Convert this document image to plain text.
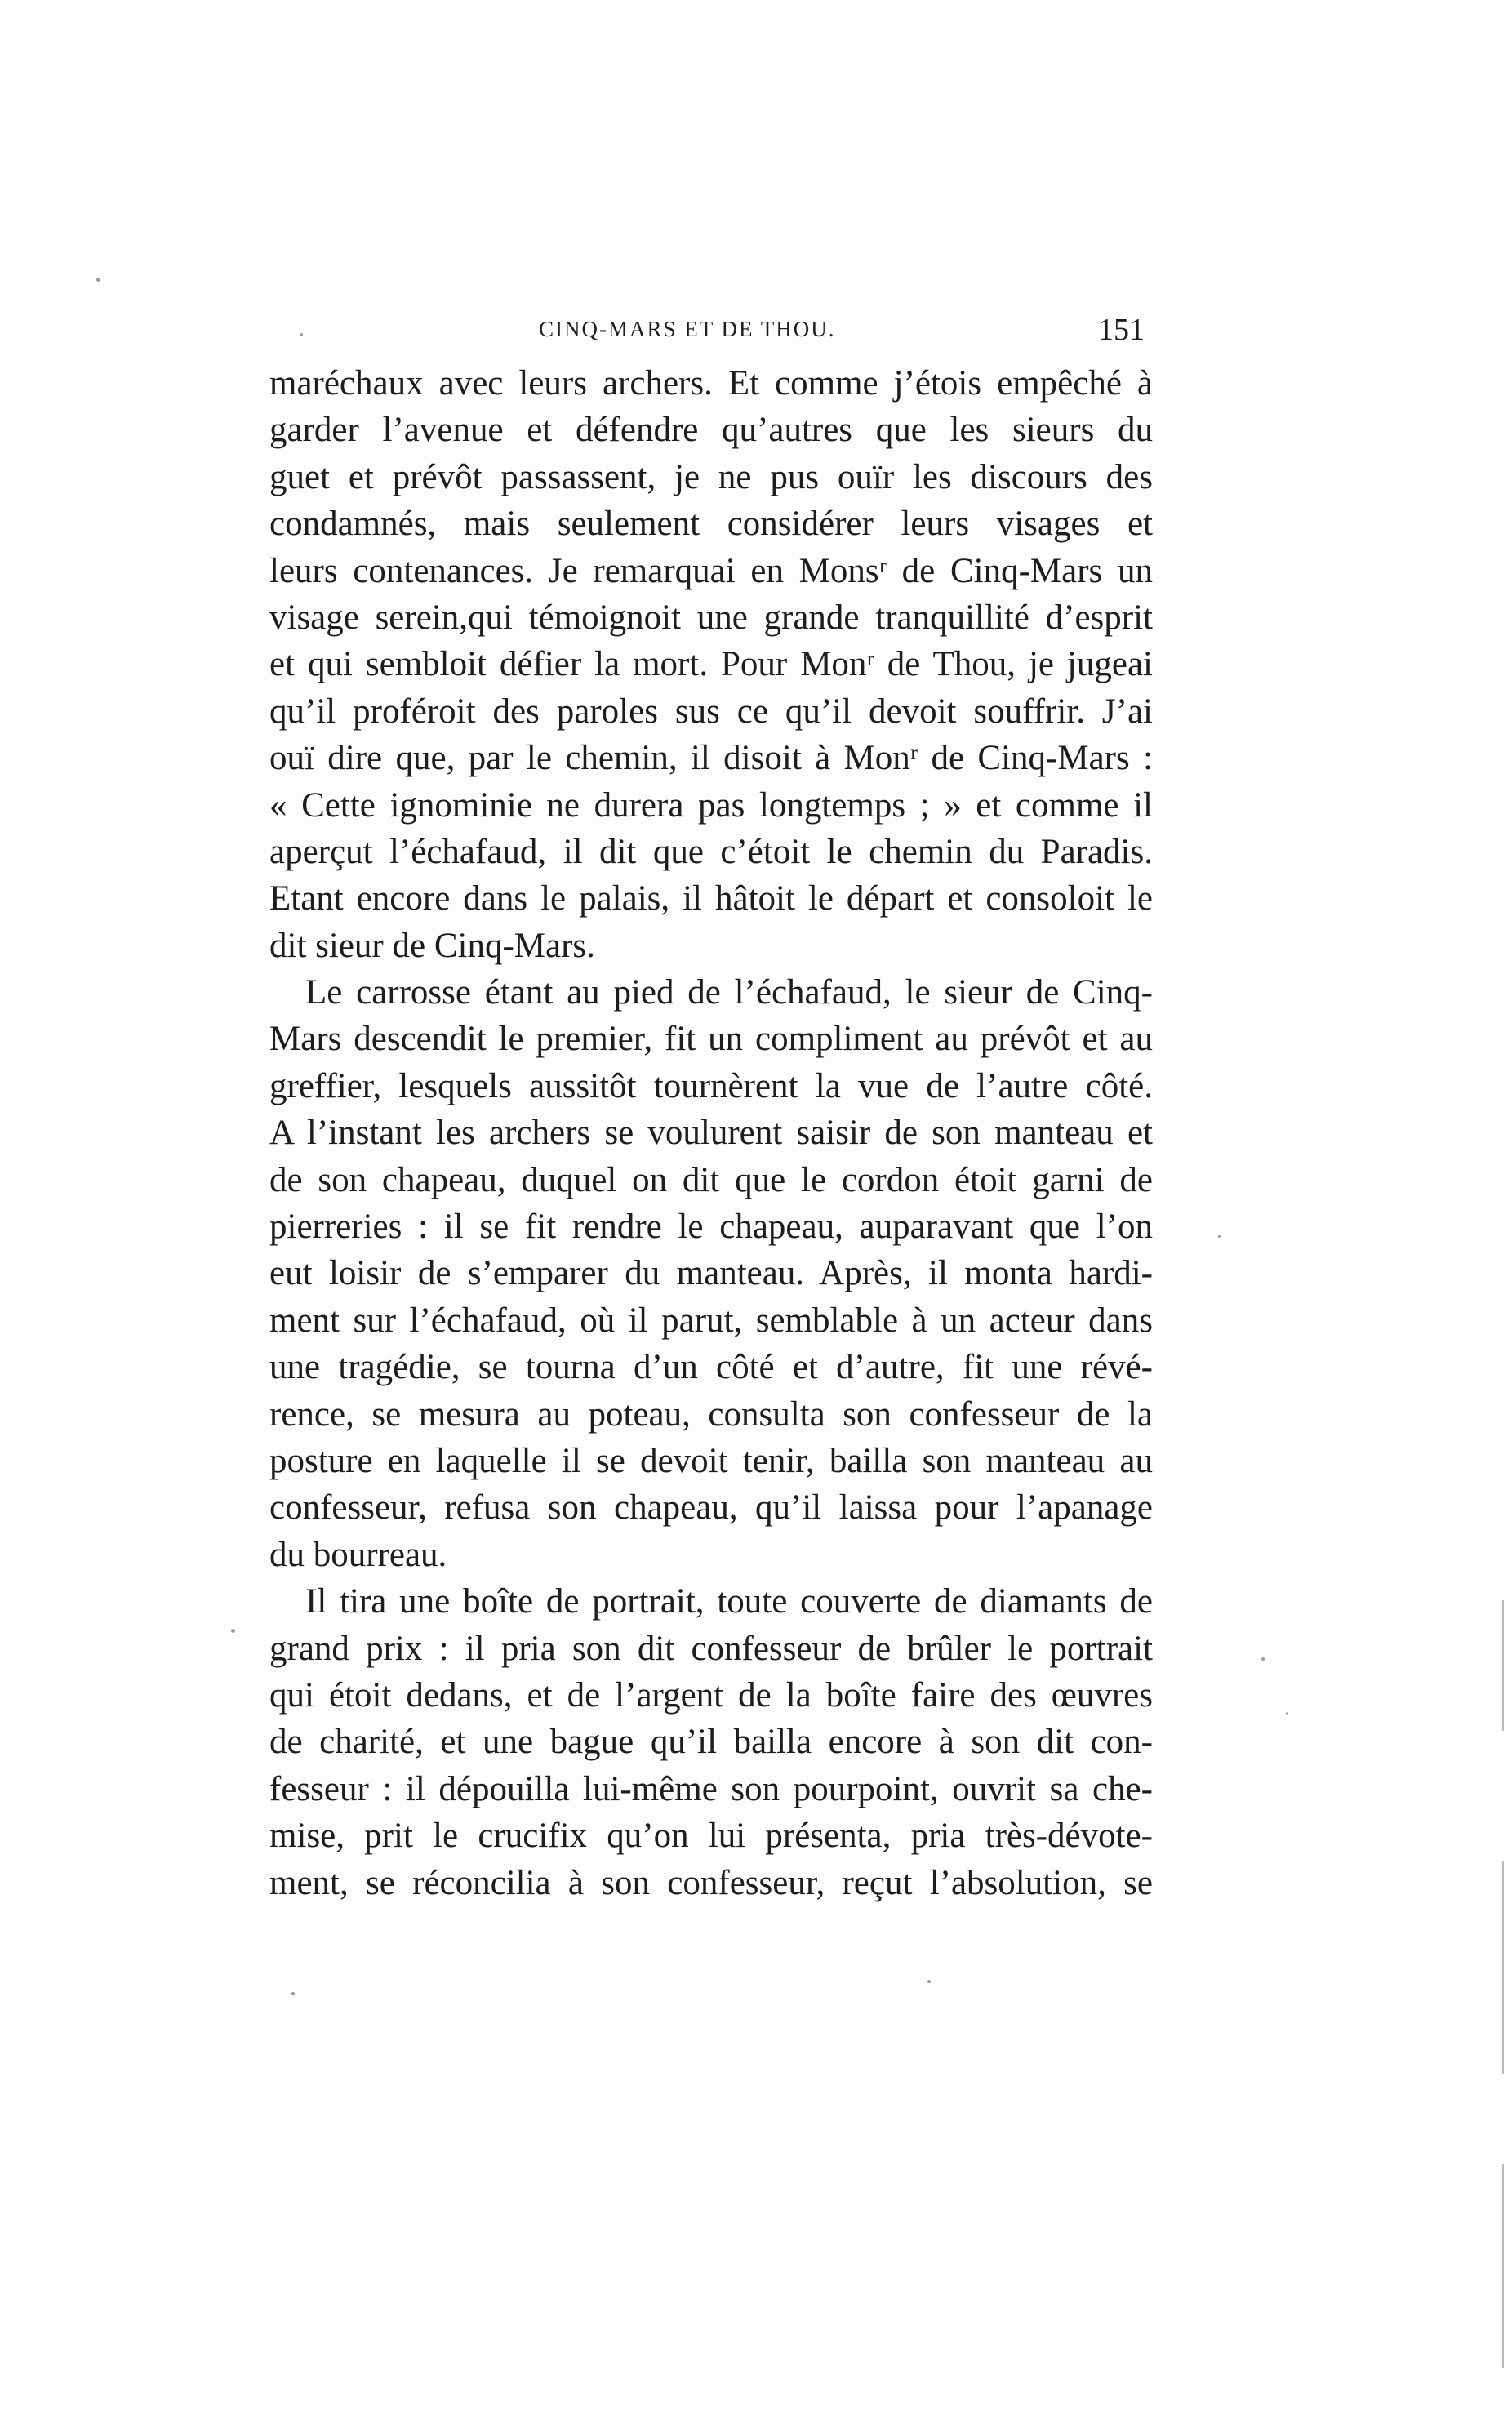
CINQ-MARS ET DE THOU.	151
maréchaux avec leurs archers. Et comme j’étois empêché à
garder l’avenue et défendre qu’autres que les sieurs du
guet et prévôt passassent, je ne pus ouïr les discours des
condamnés, mais seulement considérer leurs visages et
leurs contenances. Je remarquai en Monsʳ de Cinq-Mars un
visage serein,qui témoignoit une grande tranquillité d’esprit
et qui sembloit défier la mort. Pour Monʳ de Thou, je jugeai
qu’il proféroit des paroles sus ce qu’il devoit souffrir. J’ai
ouï dire que, par le chemin, il disoit à Monʳ de Cinq-Mars :
« Cette ignominie ne durera pas longtemps ; » et comme il
aperçut l’échafaud, il dit que c’étoit le chemin du Paradis.
Etant encore dans le palais, il hâtoit le départ et consoloit le
dit sieur de Cinq-Mars.
Le carrosse étant au pied de l’échafaud, le sieur de Cinq-
Mars descendit le premier, fit un compliment au prévôt et au
greffier, lesquels aussitôt tournèrent la vue de l’autre côté.
A l’instant les archers se voulurent saisir de son manteau et
de son chapeau, duquel on dit que le cordon étoit garni de
pierreries : il se fit rendre le chapeau, auparavant que l’on
eut loisir de s’emparer du manteau. Après, il monta hardi-
ment sur l’échafaud, où il parut, semblable à un acteur dans
une tragédie, se tourna d’un côté et d’autre, fit une révé-
rence, se mesura au poteau, consulta son confesseur de la
posture en laquelle il se devoit tenir, bailla son manteau au
confesseur, refusa son chapeau, qu’il laissa pour l’apanage
du bourreau.
Il tira une boîte de portrait, toute couverte de diamants de
grand prix : il pria son dit confesseur de brûler le portrait
qui étoit dedans, et de l’argent de la boîte faire des œuvres
de charité, et une bague qu’il bailla encore à son dit con-
fesseur : il dépouilla lui-même son pourpoint, ouvrit sa che-
mise, prit le crucifix qu’on lui présenta, pria très-dévote-
ment, se réconcilia à son confesseur, reçut l’absolution, se
